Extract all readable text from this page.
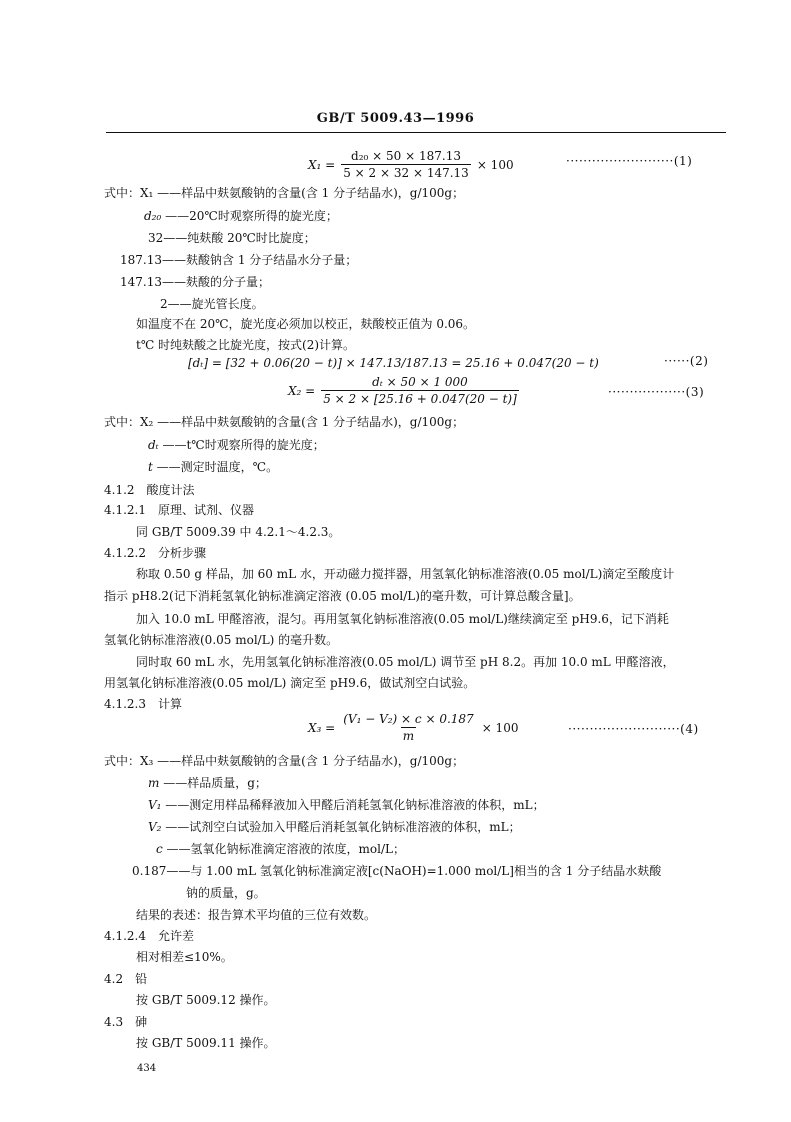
GB/T 5009.43—1996
$X_1 = \frac{\text{d₂₀ × 50 × 187.13}}{5 \times 2 \times 32 \times 147.13} \times 100$	·························(1)
式中：X₁ ——样品中麸氨酸钠的含量(含 1 分子结晶水)，g/100g；
d₂₀ ——20℃时观察所得的旋光度；
32——纯麸酸 20℃时比旋度；
187.13——麸酸钠含 1 分子结晶水分子量；
147.13——麸酸的分子量；
2——旋光管长度。
如温度不在 20℃，旋光度必须加以校正，麸酸校正值为 0.06。
t℃ 时纯麸酸之比旋光度，按式(2)计算。
[dₜ] = [32 + 0.06(20 − t)] × 147.13/187.13 = 25.16 + 0.047(20 − t)	······(2)
$X_2 = \frac{\text{dₜ × 50 × 1 000}}{5 \times 2 \times [25.16 + 0.047(20 - t)]}$	··················(3)
式中：X₂ ——样品中麸氨酸钠的含量(含 1 分子结晶水)，g/100g；
dₜ ——t℃时观察所得的旋光度；
t ——测定时温度，℃。
4.1.2　酸度计法
4.1.2.1　原理、试剂、仪器
同 GB/T 5009.39 中 4.2.1～4.2.3。
4.1.2.2　分析步骤
称取 0.50 g 样品，加 60 mL 水，开动磁力搅拌器，用氢氧化钠标准溶液(0.05 mol/L)滴定至酸度计
指示 pH8.2(记下消耗氢氧化钠标准滴定溶液 (0.05 mol/L)的毫升数，可计算总酸含量]。
加入 10.0 mL 甲醛溶液，混匀。再用氢氧化钠标准溶液(0.05 mol/L)继续滴定至 pH9.6，记下消耗
氢氧化钠标准溶液(0.05 mol/L) 的毫升数。
同时取 60 mL 水，先用氢氧化钠标准溶液(0.05 mol/L) 调节至 pH 8.2。再加 10.0 mL 甲醛溶液，
用氢氧化钠标准溶液(0.05 mol/L) 滴定至 pH9.6，做试剂空白试验。
4.1.2.3　计算
$X_3 = \frac{\text{(V₁ − V₂) × c × 0.187}}{m} \times 100$	··························(4)
式中：X₃ ——样品中麸氨酸钠的含量(含 1 分子结晶水)，g/100g；
m ——样品质量，g；
V₁ ——测定用样品稀释液加入甲醛后消耗氢氧化钠标准溶液的体积，mL；
V₂ ——试剂空白试验加入甲醛后消耗氢氧化钠标准溶液的体积，mL；
c ——氢氧化钠标准滴定溶液的浓度，mol/L；
0.187——与 1.00 mL 氢氧化钠标准滴定液[c(NaOH)=1.000 mol/L]相当的含 1 分子结晶水麸酸
钠的质量，g。
结果的表述：报告算术平均值的三位有效数。
4.1.2.4　允许差
相对相差≤10%。
4.2　铅
按 GB/T 5009.12 操作。
4.3　砷
按 GB/T 5009.11 操作。
434
